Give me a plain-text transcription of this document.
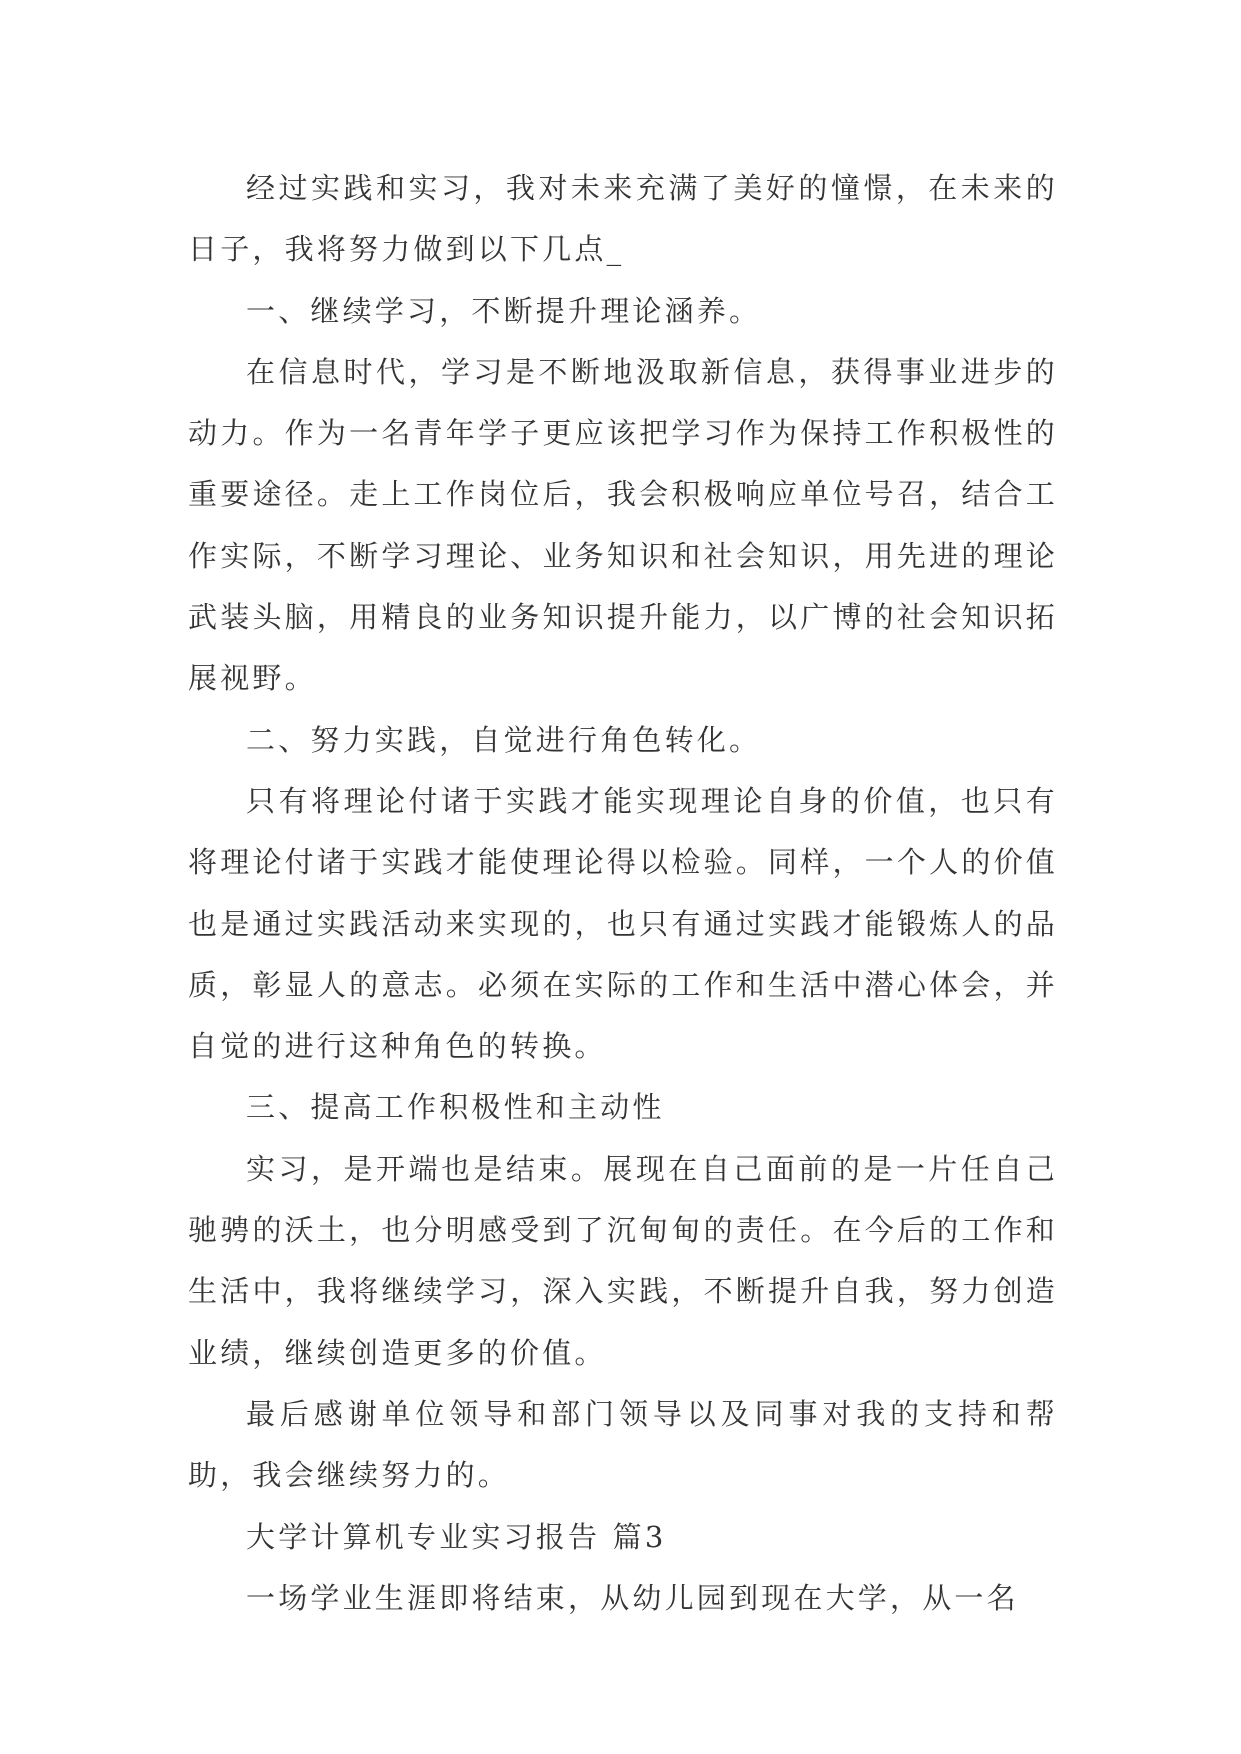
经过实践和实习，我对未来充满了美好的憧憬，在未来的日子，我将努力做到以下几点_

一、继续学习，不断提升理论涵养。

在信息时代，学习是不断地汲取新信息，获得事业进步的动力。作为一名青年学子更应该把学习作为保持工作积极性的重要途径。走上工作岗位后，我会积极响应单位号召，结合工作实际，不断学习理论、业务知识和社会知识，用先进的理论武装头脑，用精良的业务知识提升能力，以广博的社会知识拓展视野。

二、努力实践，自觉进行角色转化。

只有将理论付诸于实践才能实现理论自身的价值，也只有将理论付诸于实践才能使理论得以检验。同样，一个人的价值也是通过实践活动来实现的，也只有通过实践才能锻炼人的品质，彰显人的意志。必须在实际的工作和生活中潜心体会，并自觉的进行这种角色的转换。

三、提高工作积极性和主动性

实习，是开端也是结束。展现在自己面前的是一片任自己驰骋的沃土，也分明感受到了沉甸甸的责任。在今后的工作和生活中，我将继续学习，深入实践，不断提升自我，努力创造业绩，继续创造更多的价值。

最后感谢单位领导和部门领导以及同事对我的支持和帮助，我会继续努力的。

大学计算机专业实习报告 篇3

一场学业生涯即将结束，从幼儿园到现在大学，从一名
